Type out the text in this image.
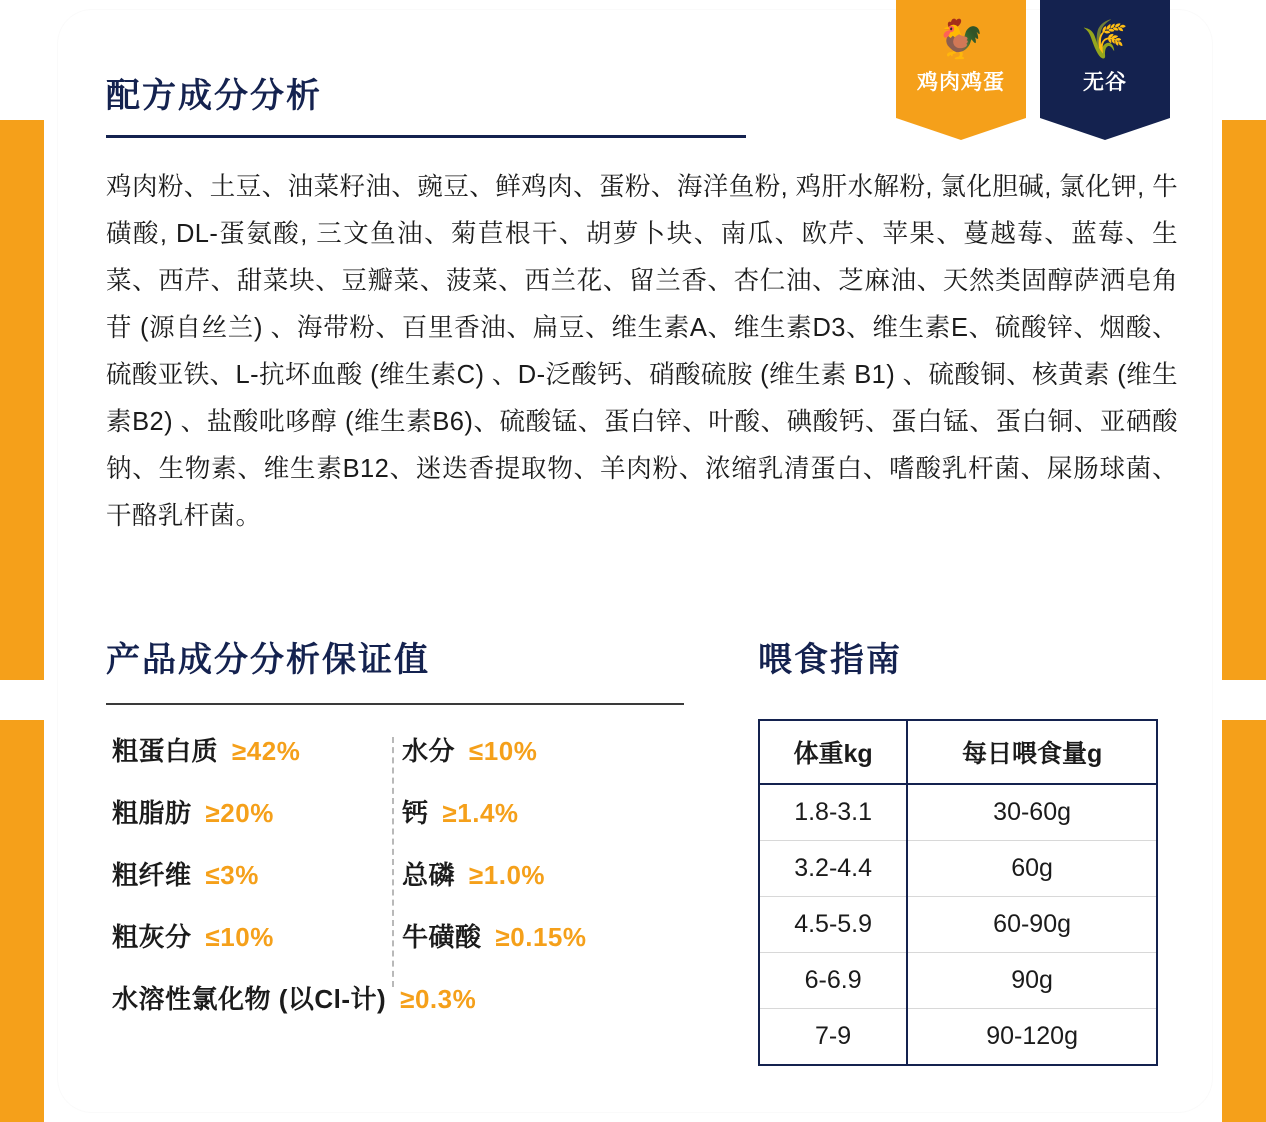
🐓
鸡肉鸡蛋
🌾
无谷
配方成分分析
鸡肉粉、土豆、油菜籽油、豌豆、鲜鸡肉、蛋粉、海洋鱼粉, 鸡肝水解粉, 氯化胆碱, 氯化钾, 牛磺酸, DL-蛋氨酸, 三文鱼油、菊苣根干、胡萝卜块、南瓜、欧芹、苹果、蔓越莓、蓝莓、生菜、西芹、甜菜块、豆瓣菜、菠菜、西兰花、留兰香、杏仁油、芝麻油、天然类固醇萨洒皂角苷 (源自丝兰) 、海带粉、百里香油、扁豆、维生素A、维生素D3、维生素E、硫酸锌、烟酸、硫酸亚铁、L-抗坏血酸 (维生素C) 、D-泛酸钙、硝酸硫胺 (维生素 B1) 、硫酸铜、核黄素 (维生素B2) 、盐酸吡哆醇 (维生素B6)、硫酸锰、蛋白锌、叶酸、碘酸钙、蛋白锰、蛋白铜、亚硒酸钠、生物素、维生素B12、迷迭香提取物、羊肉粉、浓缩乳清蛋白、嗜酸乳杆菌、屎肠球菌、干酪乳杆菌。
产品成分分析保证值
粗蛋白质 ≥42%	水分 ≤10%
粗脂肪 ≥20%	钙 ≥1.4%
粗纤维 ≤3%	总磷 ≥1.0%
粗灰分 ≤10%	牛磺酸 ≥0.15%
水溶性氯化物 (以Cl-计) ≥0.3%
喂食指南
体重kg	每日喂食量g
1.8-3.1	30-60g
3.2-4.4	60g
4.5-5.9	60-90g
6-6.9	90g
7-9	90-120g
